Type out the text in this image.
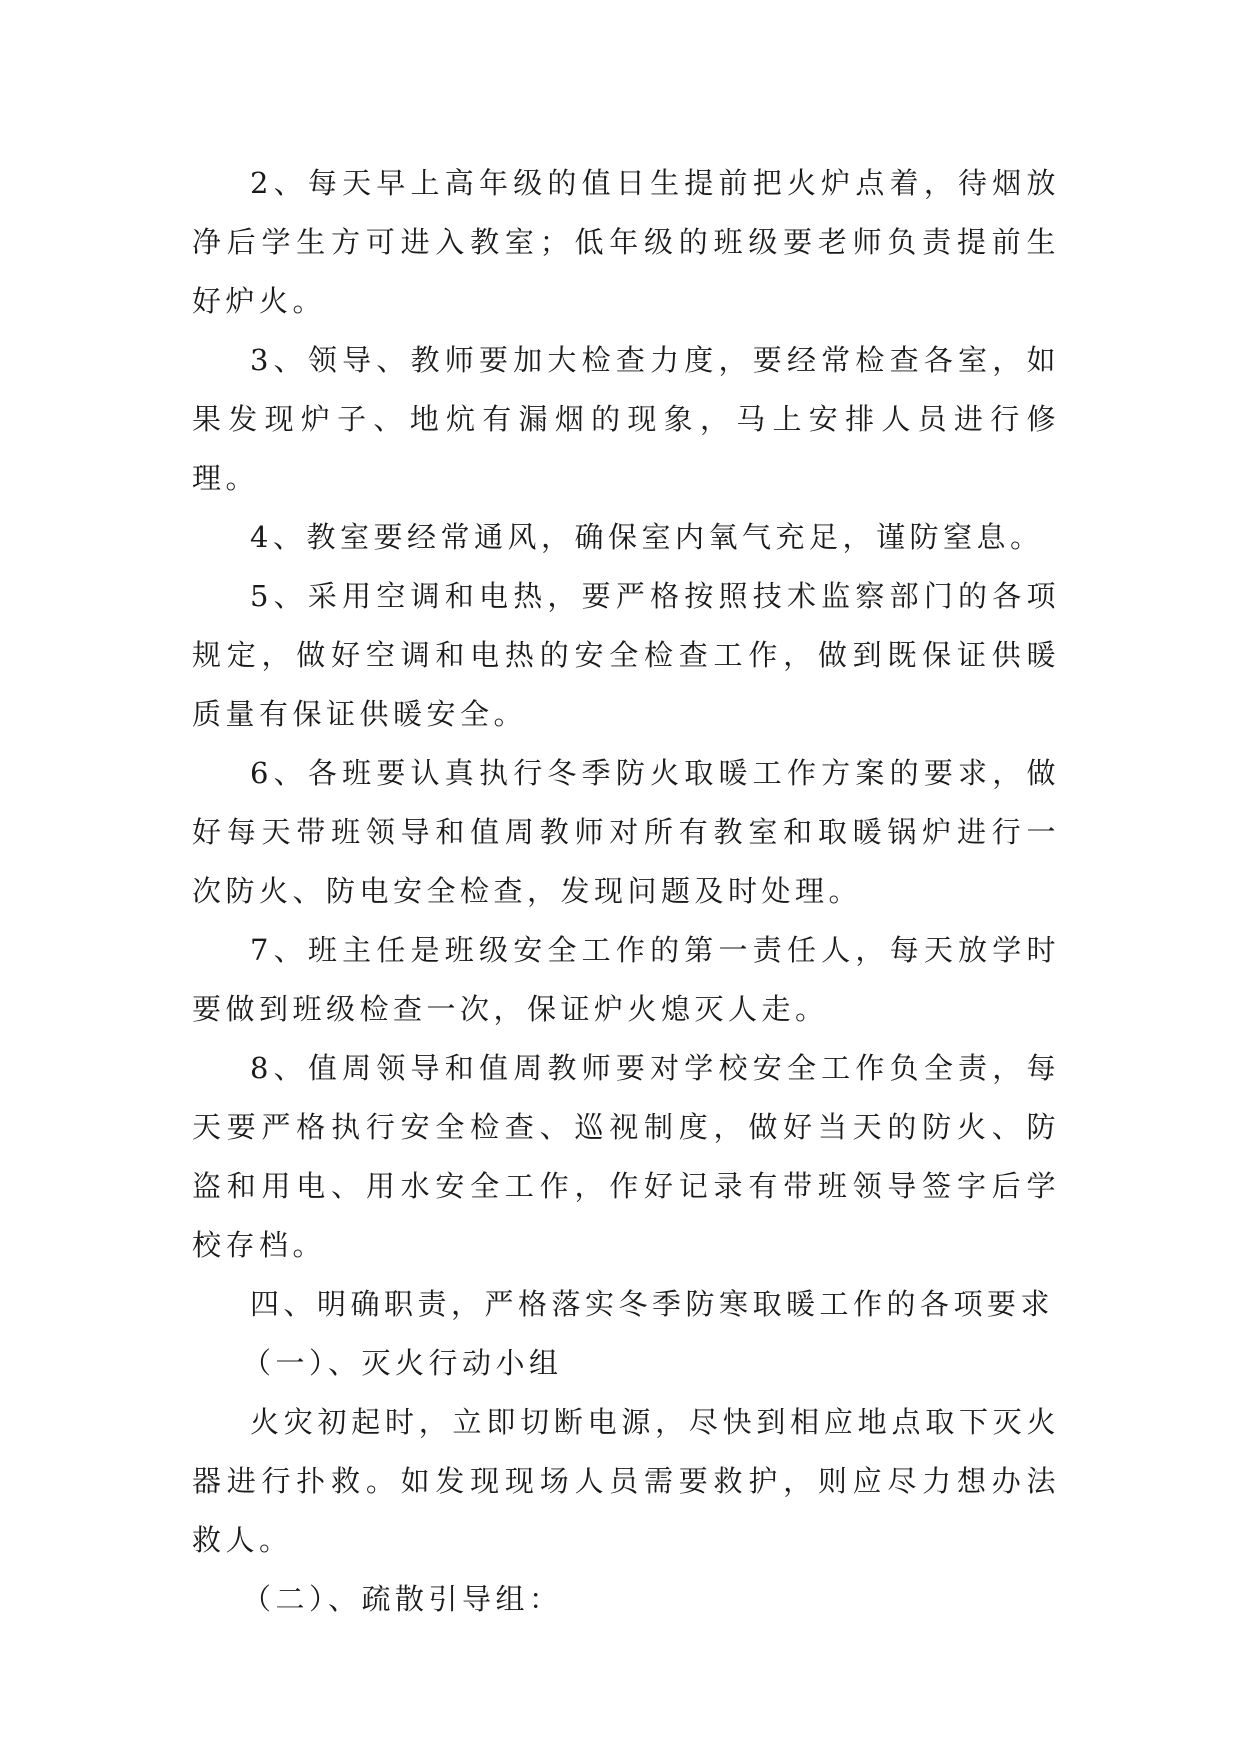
2、每天早上高年级的值日生提前把火炉点着，待烟放净后学生方可进入教室；低年级的班级要老师负责提前生好炉火。

3、领导、教师要加大检查力度，要经常检查各室，如果发现炉子、地炕有漏烟的现象，马上安排人员进行修理。

4、教室要经常通风，确保室内氧气充足，谨防窒息。

5、采用空调和电热，要严格按照技术监察部门的各项规定，做好空调和电热的安全检查工作，做到既保证供暖质量有保证供暖安全。

6、各班要认真执行冬季防火取暖工作方案的要求，做好每天带班领导和值周教师对所有教室和取暖锅炉进行一次防火、防电安全检查，发现问题及时处理。

7、班主任是班级安全工作的第一责任人，每天放学时要做到班级检查一次，保证炉火熄灭人走。

8、值周领导和值周教师要对学校安全工作负全责，每天要严格执行安全检查、巡视制度，做好当天的防火、防盗和用电、用水安全工作，作好记录有带班领导签字后学校存档。

四、明确职责，严格落实冬季防寒取暖工作的各项要求

（一）、灭火行动小组

火灾初起时，立即切断电源，尽快到相应地点取下灭火器进行扑救。如发现现场人员需要救护，则应尽力想办法救人。

（二）、疏散引导组：
